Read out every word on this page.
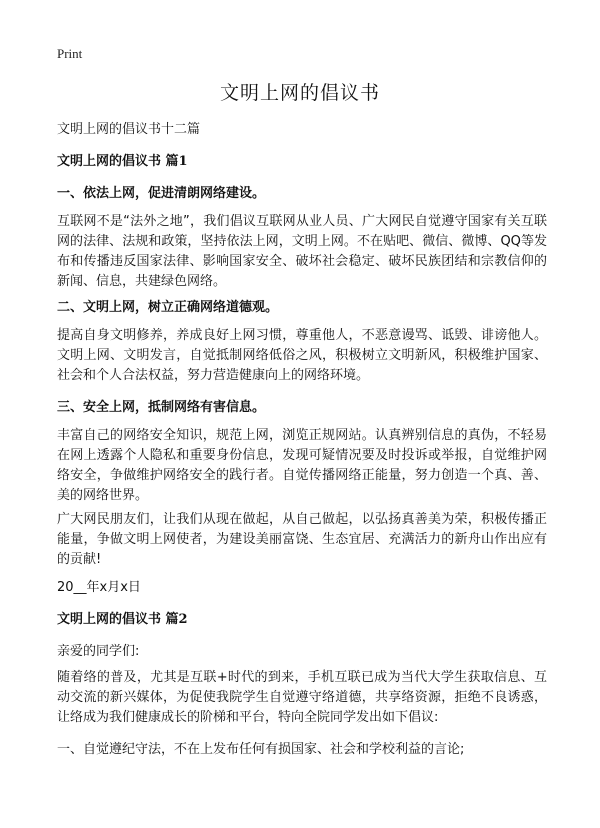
Print
文明上网的倡议书
文明上网的倡议书十二篇
文明上网的倡议书 篇1
一、依法上网，促进清朗网络建设。

互联网不是“法外之地”，我们倡议互联网从业人员、广大网民自觉遵守国家有关互联网的法律、法规和政策，坚持依法上网，文明上网。不在贴吧、微信、微博、QQ等发布和传播违反国家法律、影响国家安全、破坏社会稳定、破坏民族团结和宗教信仰的新闻、信息，共建绿色网络。

二、文明上网，树立正确网络道德观。

提高自身文明修养，养成良好上网习惯，尊重他人，不恶意谩骂、诋毁、诽谤他人。文明上网、文明发言，自觉抵制网络低俗之风，积极树立文明新风，积极维护国家、社会和个人合法权益，努力营造健康向上的网络环境。

三、安全上网，抵制网络有害信息。

丰富自己的网络安全知识，规范上网，浏览正规网站。认真辨别信息的真伪，不轻易在网上透露个人隐私和重要身份信息，发现可疑情况要及时投诉或举报，自觉维护网络安全，争做维护网络安全的践行者。自觉传播网络正能量，努力创造一个真、善、美的网络世界。

广大网民朋友们，让我们从现在做起，从自己做起，以弘扬真善美为荣，积极传播正能量，争做文明上网使者，为建设美丽富饶、生态宜居、充满活力的新舟山作出应有的贡献!

20__年x月x日
文明上网的倡议书 篇2
亲爱的同学们:

随着络的普及，尤其是互联+时代的到来，手机互联已成为当代大学生获取信息、互动交流的新兴媒体，为促使我院学生自觉遵守络道德，共享络资源，拒绝不良诱惑，让络成为我们健康成长的阶梯和平台，特向全院同学发出如下倡议:

一、自觉遵纪守法，不在上发布任何有损国家、社会和学校利益的言论;
